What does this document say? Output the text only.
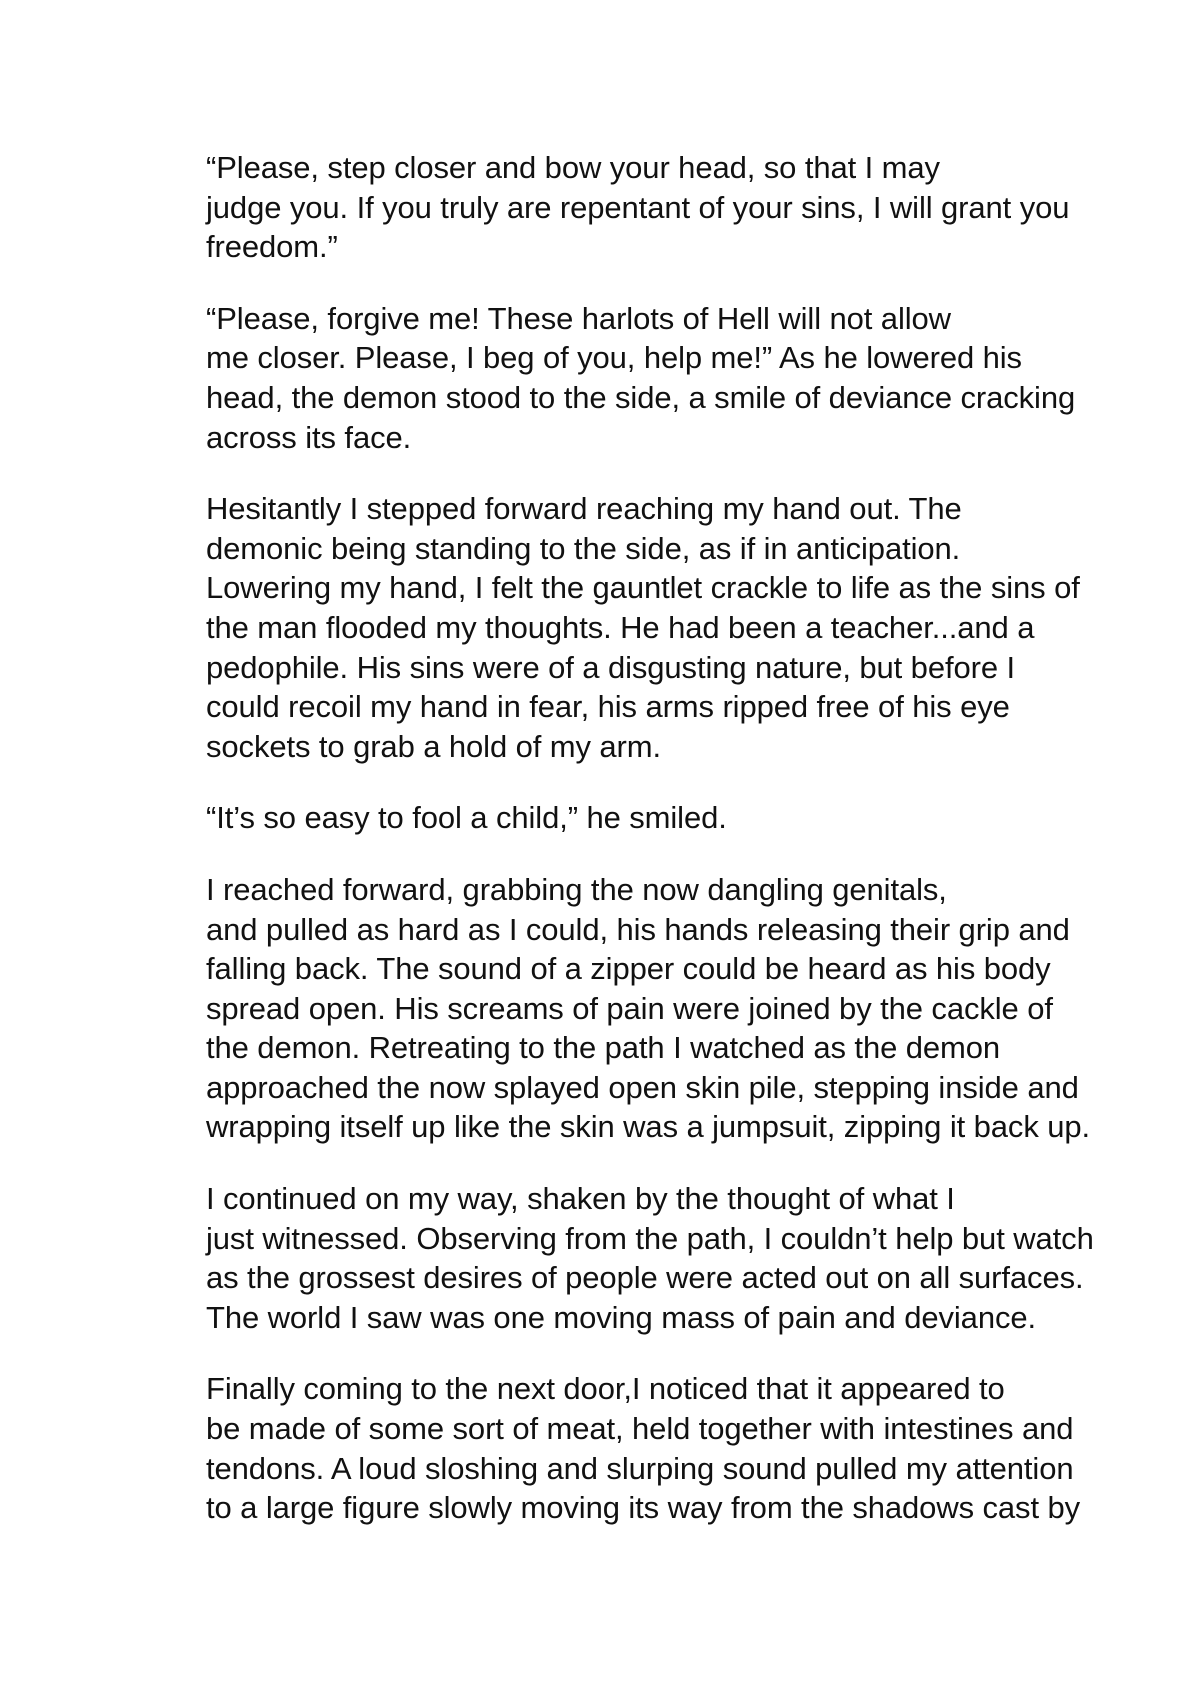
“Please, step closer and bow your head, so that I may
judge you. If you truly are repentant of your sins, I will grant you
freedom.”

“Please, forgive me! These harlots of Hell will not allow
me closer. Please, I beg of you, help me!” As he lowered his
head, the demon stood to the side, a smile of deviance cracking
across its face.

Hesitantly I stepped forward reaching my hand out. The
demonic being standing to the side, as if in anticipation.
Lowering my hand, I felt the gauntlet crackle to life as the sins of
the man flooded my thoughts. He had been a teacher...and a
pedophile. His sins were of a disgusting nature, but before I
could recoil my hand in fear, his arms ripped free of his eye
sockets to grab a hold of my arm.

“It’s so easy to fool a child,” he smiled.

I reached forward, grabbing the now dangling genitals,
and pulled as hard as I could, his hands releasing their grip and
falling back. The sound of a zipper could be heard as his body
spread open. His screams of pain were joined by the cackle of
the demon. Retreating to the path I watched as the demon
approached the now splayed open skin pile, stepping inside and
wrapping itself up like the skin was a jumpsuit, zipping it back up.

I continued on my way, shaken by the thought of what I
just witnessed. Observing from the path, I couldn’t help but watch
as the grossest desires of people were acted out on all surfaces.
The world I saw was one moving mass of pain and deviance.

Finally coming to the next door,I noticed that it appeared to
be made of some sort of meat, held together with intestines and
tendons. A loud sloshing and slurping sound pulled my attention
to a large figure slowly moving its way from the shadows cast by
